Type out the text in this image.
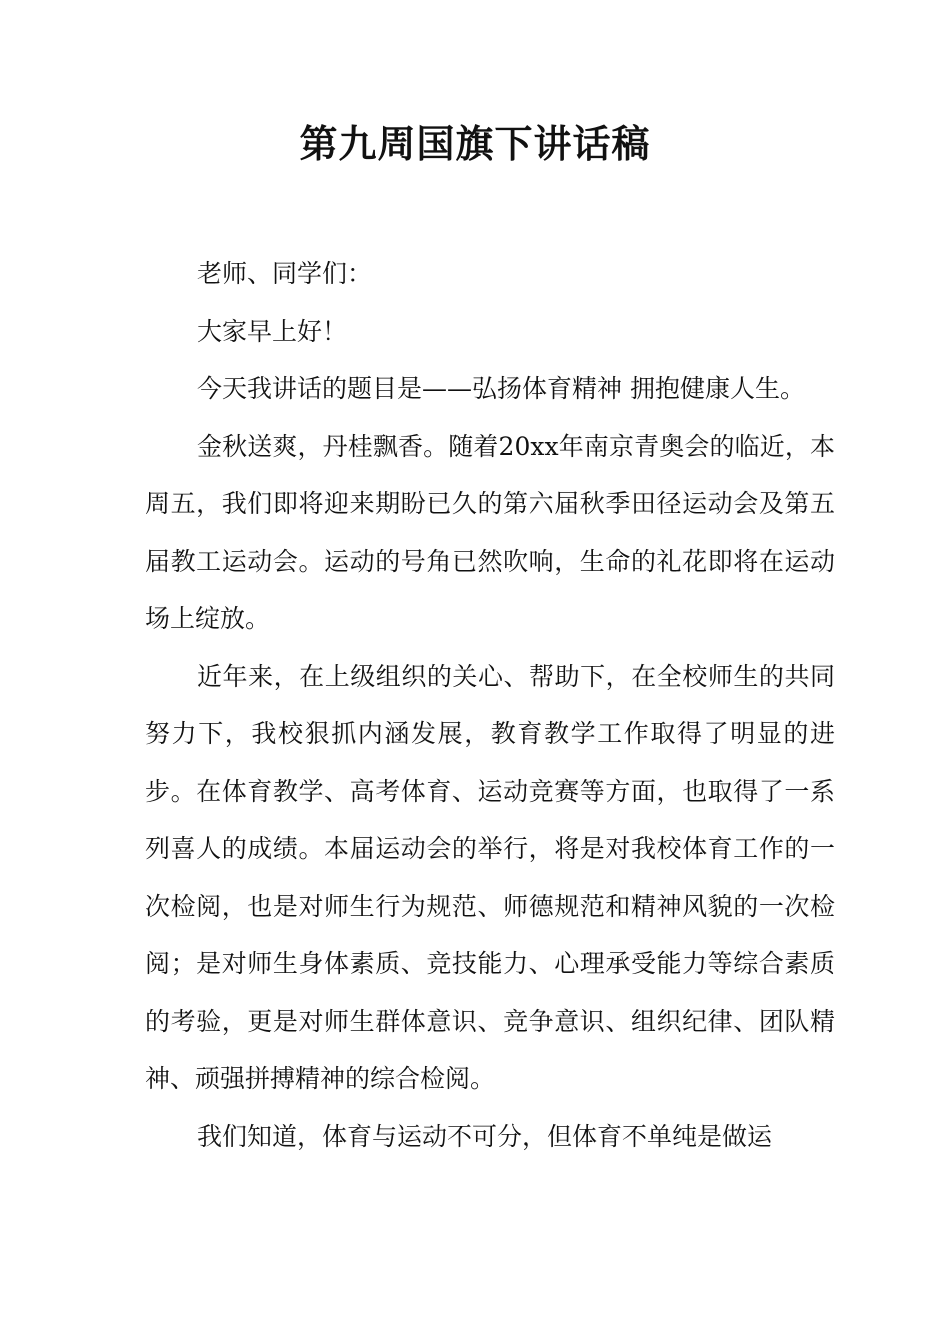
第九周国旗下讲话稿

老师、同学们：

大家早上好！

今天我讲话的题目是——弘扬体育精神 拥抱健康人生。

金秋送爽，丹桂飘香。随着20xx年南京青奥会的临近，本周五，我们即将迎来期盼已久的第六届秋季田径运动会及第五届教工运动会。运动的号角已然吹响，生命的礼花即将在运动场上绽放。

近年来，在上级组织的关心、帮助下，在全校师生的共同努力下，我校狠抓内涵发展，教育教学工作取得了明显的进步。在体育教学、高考体育、运动竞赛等方面，也取得了一系列喜人的成绩。本届运动会的举行，将是对我校体育工作的一次检阅，也是对师生行为规范、师德规范和精神风貌的一次检阅；是对师生身体素质、竞技能力、心理承受能力等综合素质的考验，更是对师生群体意识、竞争意识、组织纪律、团队精神、顽强拼搏精神的综合检阅。

我们知道，体育与运动不可分，但体育不单纯是做运
